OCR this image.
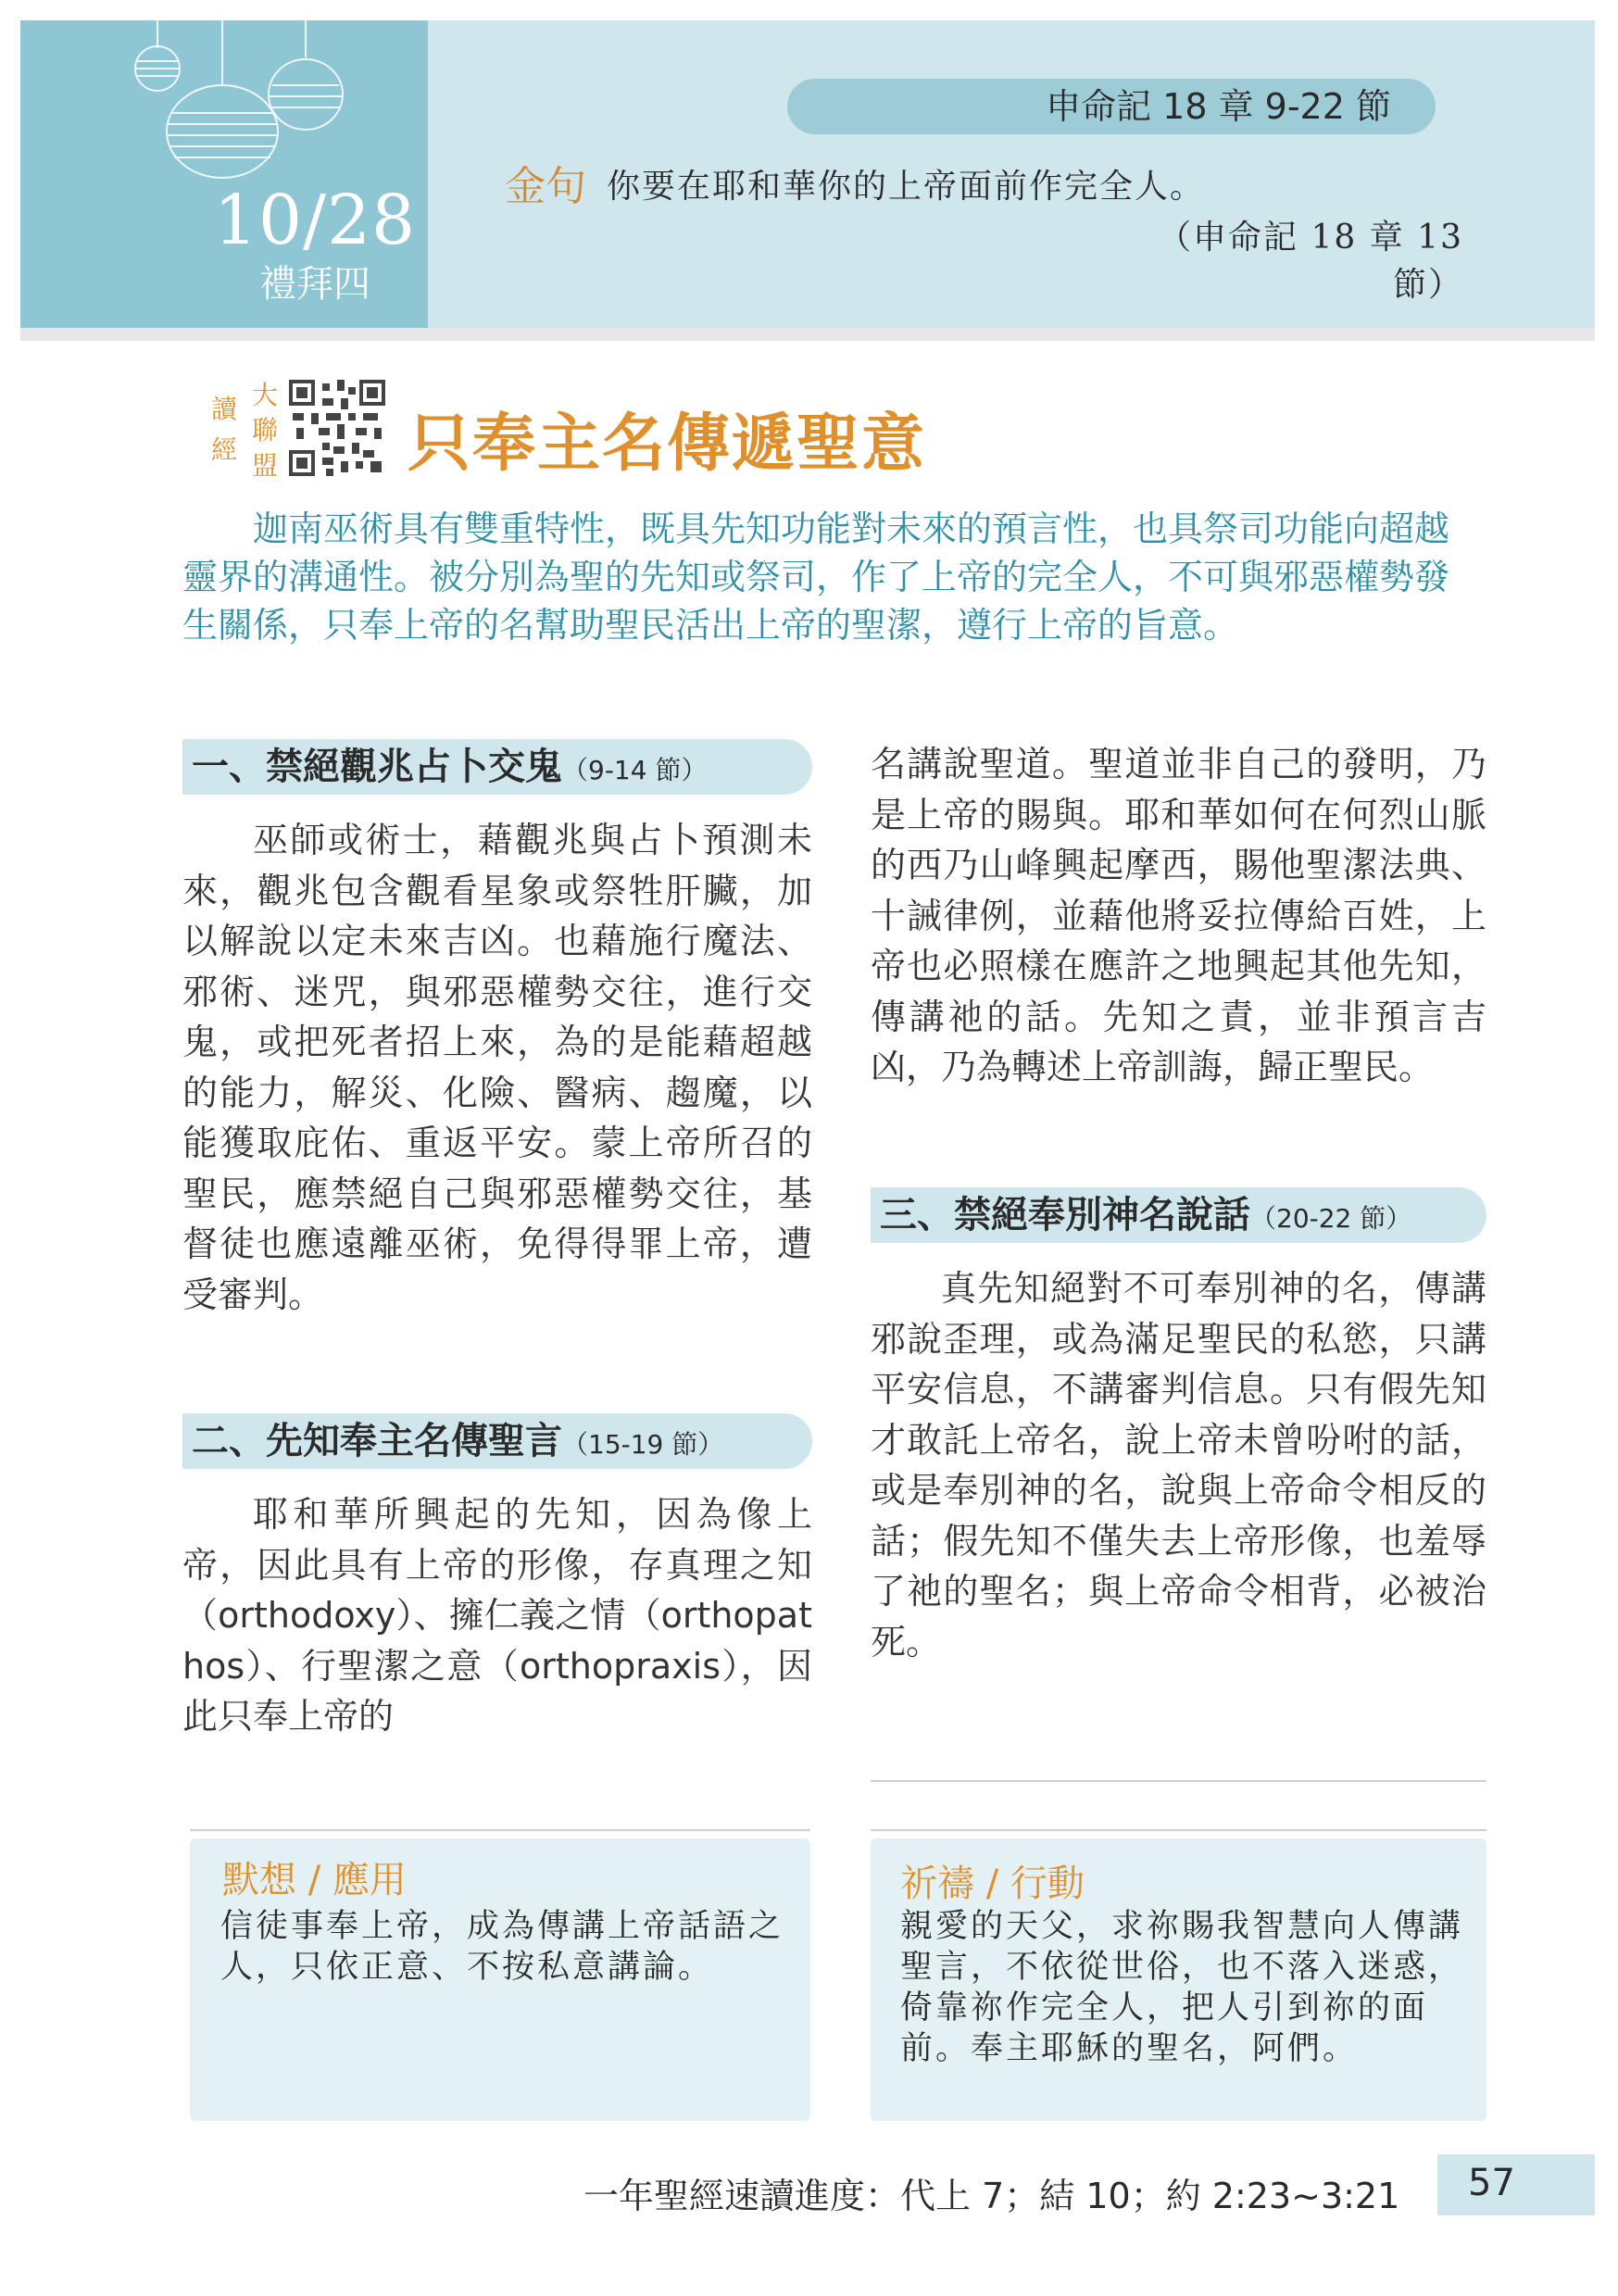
10/28
禮拜四
申命記 18 章 9-22 節
金句 你要在耶和華你的上帝面前作完全人。
（申命記 18 章 13 節）
讀經
大聯盟 只奉主名傳遞聖意

迦南巫術具有雙重特性，既具先知功能對未來的預言性，也具祭司功能向超越靈界的溝通性。被分別為聖的先知或祭司，作了上帝的完全人，不可與邪惡權勢發生關係，只奉上帝的名幫助聖民活出上帝的聖潔，遵行上帝的旨意。

一、禁絕觀兆占卜交鬼（9-14 節）

巫師或術士，藉觀兆與占卜預測未來，觀兆包含觀看星象或祭牲肝臟，加以解說以定未來吉凶。也藉施行魔法、邪術、迷咒，與邪惡權勢交往，進行交鬼，或把死者招上來，為的是能藉超越的能力，解災、化險、醫病、趨魔，以能獲取庇佑、重返平安。蒙上帝所召的聖民，應禁絕自己與邪惡權勢交往，基督徒也應遠離巫術，免得得罪上帝，遭受審判。

二、先知奉主名傳聖言（15-19 節）

耶和華所興起的先知，因為像上帝，因此具有上帝的形像，存真理之知（orthodoxy）、擁仁義之情（orthopathos）、行聖潔之意（orthopraxis），因此只奉上帝的

名講說聖道。聖道並非自己的發明，乃是上帝的賜與。耶和華如何在何烈山脈的西乃山峰興起摩西，賜他聖潔法典、十誡律例，並藉他將妥拉傳給百姓，上帝也必照樣在應許之地興起其他先知，傳講祂的話。先知之責，並非預言吉凶，乃為轉述上帝訓誨，歸正聖民。

三、禁絕奉別神名說話（20-22 節）

真先知絕對不可奉別神的名，傳講邪說歪理，或為滿足聖民的私慾，只講平安信息，不講審判信息。只有假先知才敢託上帝名，說上帝未曾吩咐的話，或是奉別神的名，說與上帝命令相反的話；假先知不僅失去上帝形像，也羞辱了祂的聖名；與上帝命令相背，必被治死。

默想 / 應用

信徒事奉上帝，成為傳講上帝話語之人，只依正意、不按私意講論。

祈禱 / 行動

親愛的天父，求祢賜我智慧向人傳講聖言，不依從世俗，也不落入迷惑，倚靠祢作完全人，把人引到祢的面前。奉主耶穌的聖名，阿們。

一年聖經速讀進度：代上 7；結 10；約 2:23~3:21 57
